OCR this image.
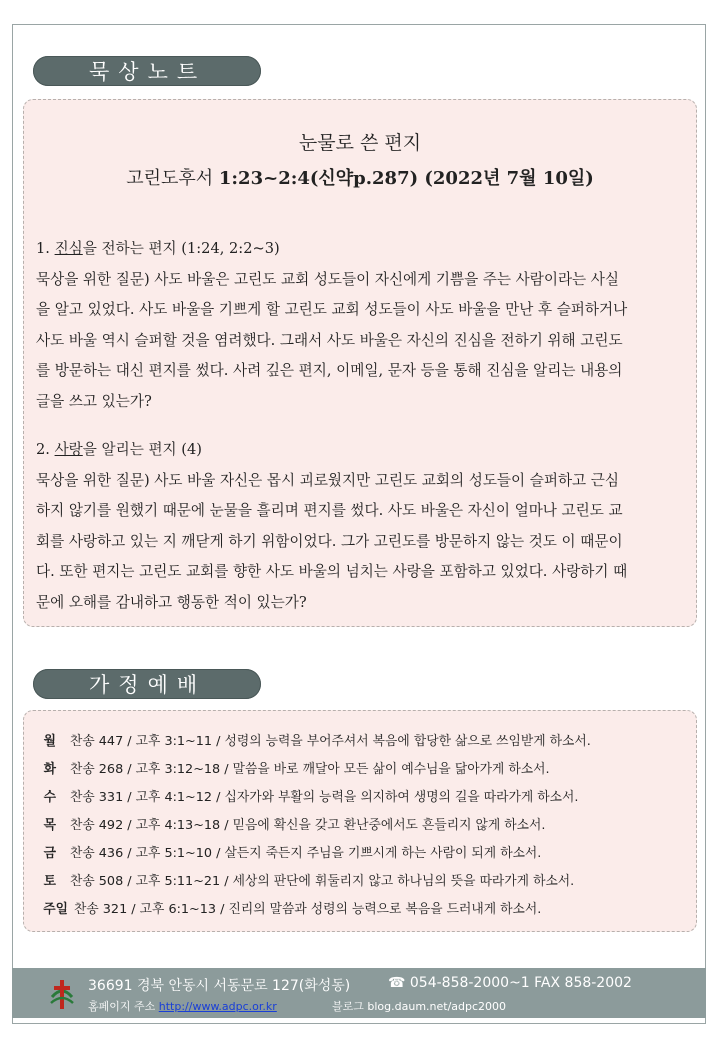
묵상노트
눈물로 쓴 편지
고린도후서 1:23~2:4(신약p.287) (2022년 7월 10일)
1. 진심을 전하는 편지 (1:24, 2:2~3)
묵상을 위한 질문) 사도 바울은 고린도 교회 성도들이 자신에게 기쁨을 주는 사람이라는 사실
을 알고 있었다. 사도 바울을 기쁘게 할 고린도 교회 성도들이 사도 바울을 만난 후 슬퍼하거나
사도 바울 역시 슬퍼할 것을 염려했다. 그래서 사도 바울은 자신의 진심을 전하기 위해 고린도
를 방문하는 대신 편지를 썼다. 사려 깊은 편지, 이메일, 문자 등을 통해 진심을 알리는 내용의
글을 쓰고 있는가?
2. 사랑을 알리는 편지 (4)
묵상을 위한 질문) 사도 바울 자신은 몹시 괴로웠지만 고린도 교회의 성도들이 슬퍼하고 근심
하지 않기를 원했기 때문에 눈물을 흘리며 편지를 썼다. 사도 바울은 자신이 얼마나 고린도 교
회를 사랑하고 있는 지 깨닫게 하기 위함이었다. 그가 고린도를 방문하지 않는 것도 이 때문이
다. 또한 편지는 고린도 교회를 향한 사도 바울의 넘치는 사랑을 포함하고 있었다. 사랑하기 때
문에 오해를 감내하고 행동한 적이 있는가?
가정예배
월	찬송 447 / 고후 3:1~11 / 성령의 능력을 부어주셔서 복음에 합당한 삶으로 쓰임받게 하소서.
화	찬송 268 / 고후 3:12~18 / 말씀을 바로 깨달아 모든 삶이 예수님을 닮아가게 하소서.
수	찬송 331 / 고후 4:1~12 / 십자가와 부활의 능력을 의지하여 생명의 길을 따라가게 하소서.
목	찬송 492 / 고후 4:13~18 / 믿음에 확신을 갖고 환난중에서도 흔들리지 않게 하소서.
금	찬송 436 / 고후 5:1~10 / 살든지 죽든지 주님을 기쁘시게 하는 사람이 되게 하소서.
토	찬송 508 / 고후 5:11~21 / 세상의 판단에 휘둘리지 않고 하나님의 뜻을 따라가게 하소서.
주일 찬송 321 / 고후 6:1~13 / 진리의 말씀과 성령의 능력으로 복음을 드러내게 하소서.
36691 경북 안동시 서동문로 127(화성동)	☎ 054-858-2000~1 FAX 858-2002
홈페이지 주소 http://www.adpc.or.kr	블로그 blog.daum.net/adpc2000
